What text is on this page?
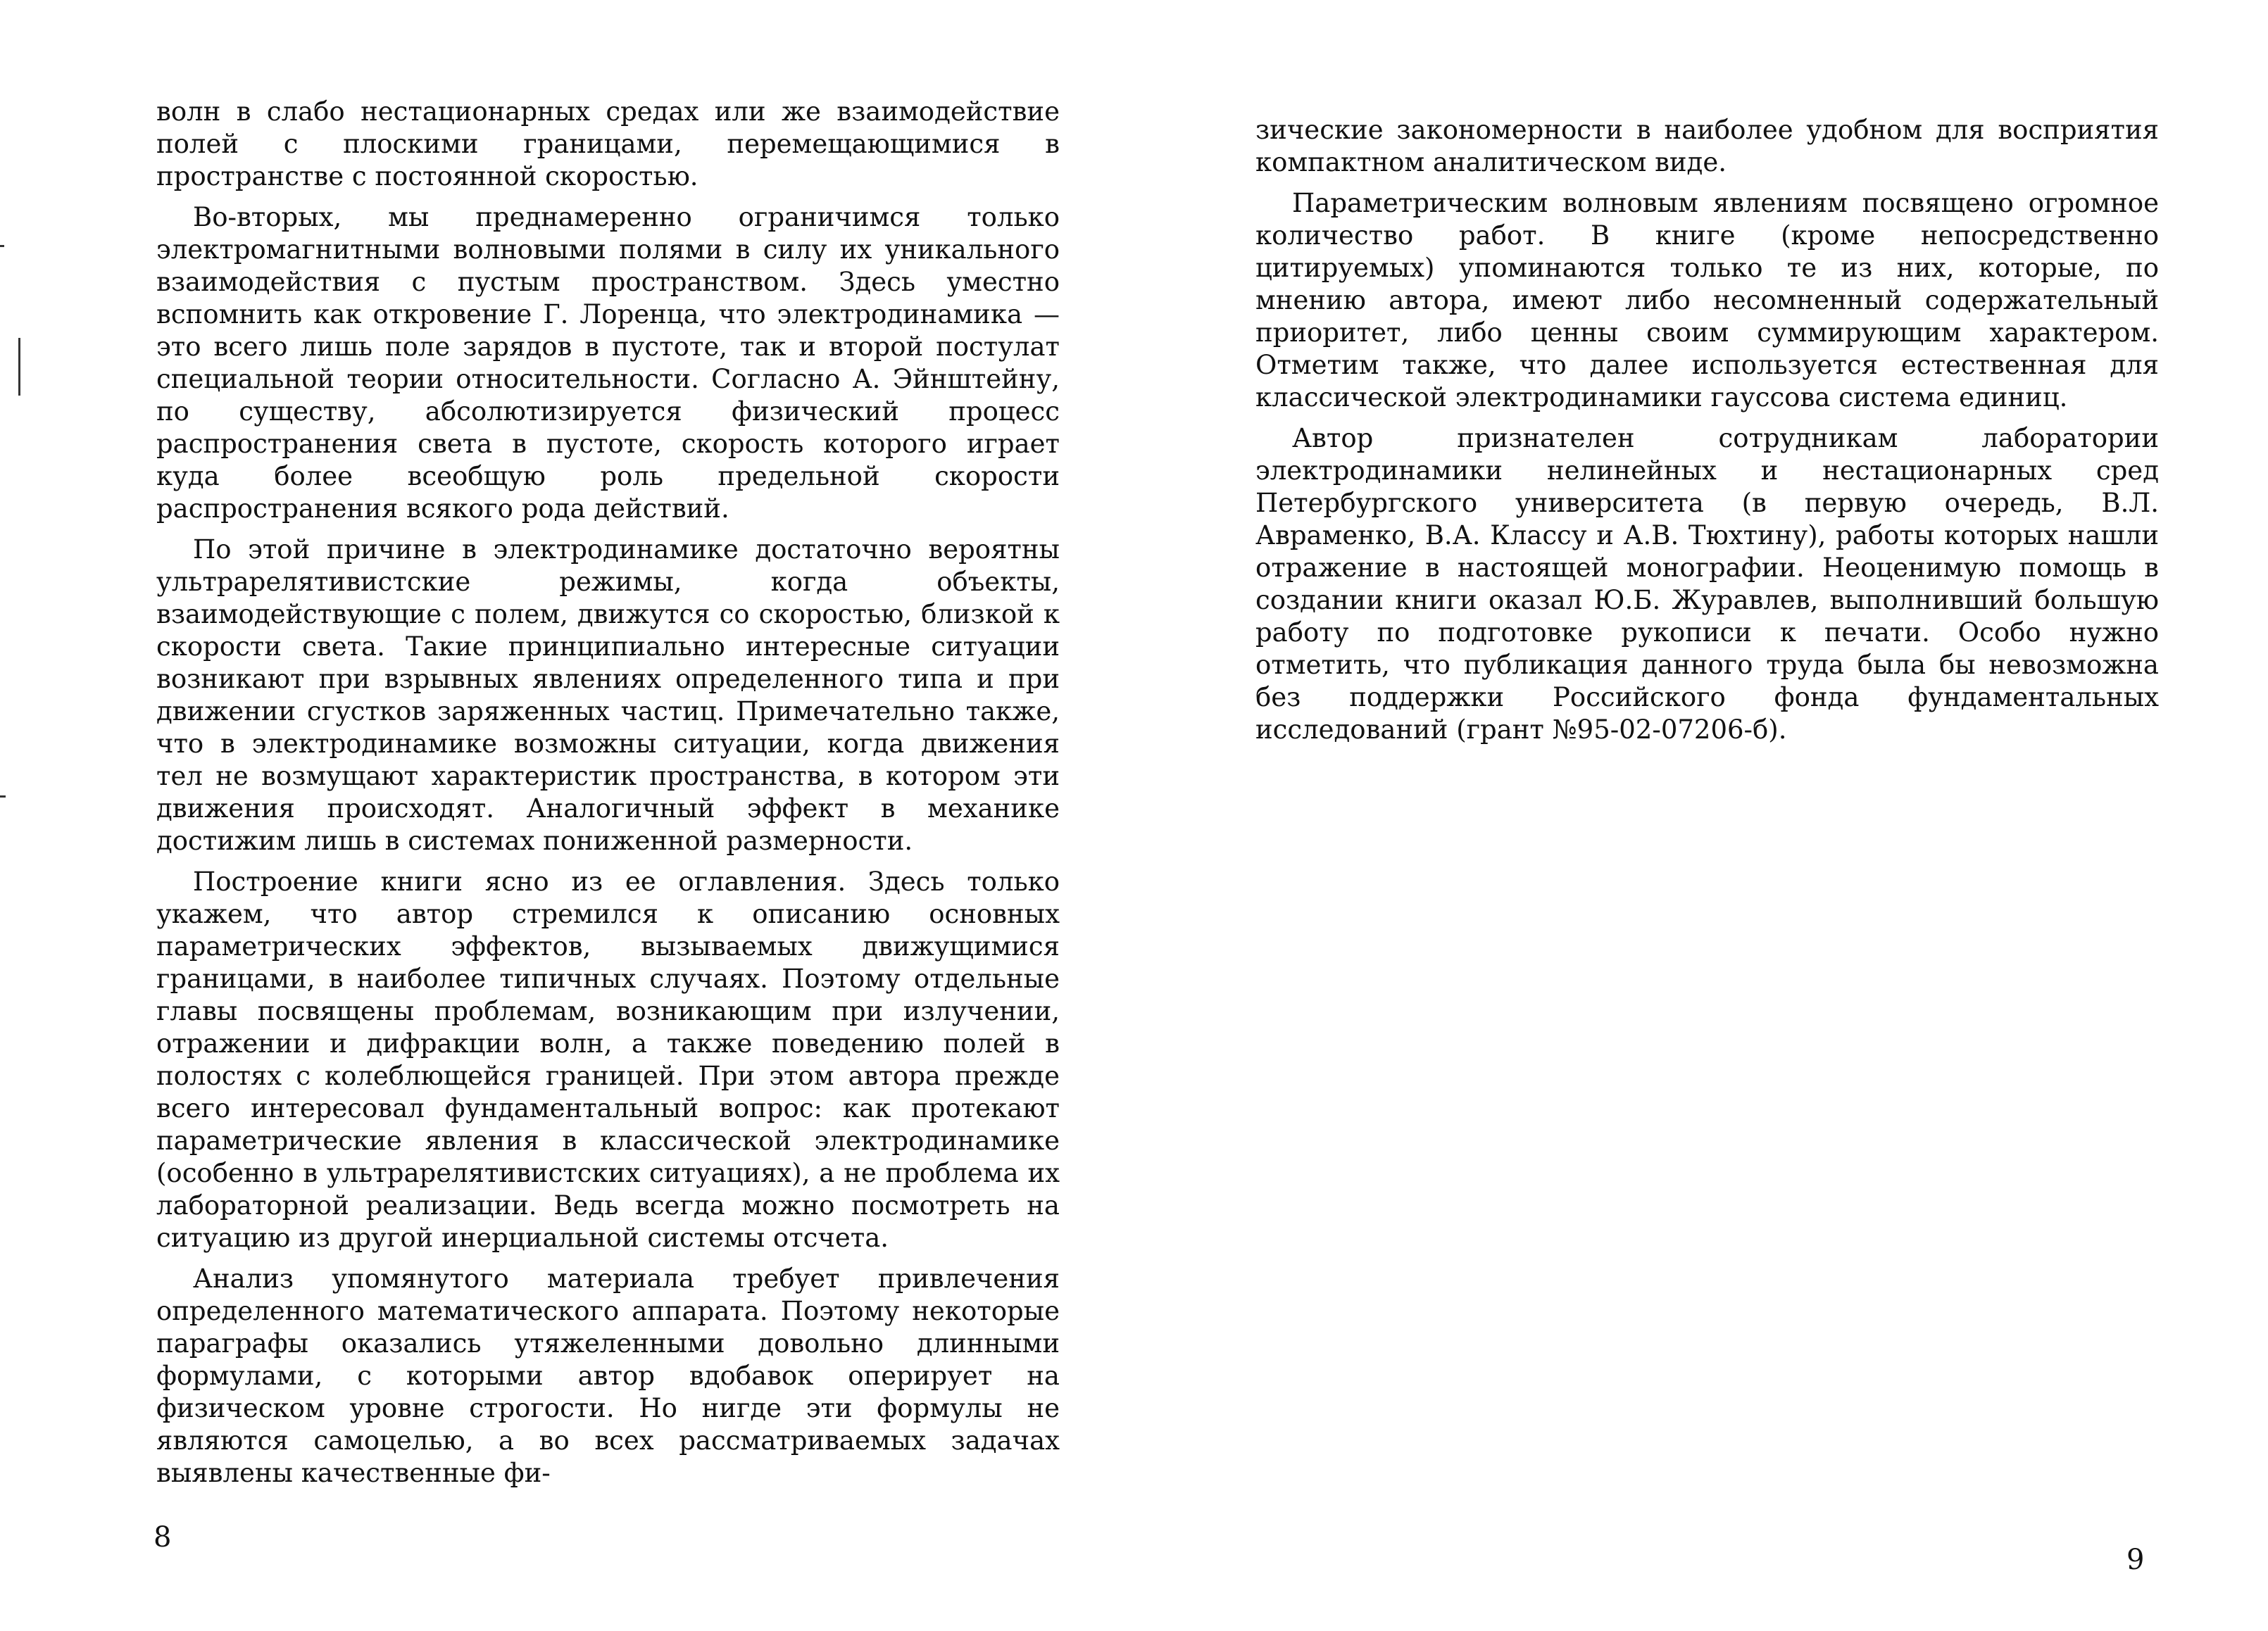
волн в слабо нестационарных средах или же взаимодействие полей с плоскими границами, перемещающимися в пространстве с постоянной скоростью.

Во-вторых, мы преднамеренно ограничимся только электромагнитными волновыми полями в силу их уникального взаимодействия с пустым пространством. Здесь уместно вспомнить как откровение Г. Лоренца, что электродинамика — это всего лишь поле зарядов в пустоте, так и второй постулат специальной теории относительности. Согласно А. Эйнштейну, по существу, абсолютизируется физический процесс распространения света в пустоте, скорость которого играет куда более всеобщую роль предельной скорости распространения всякого рода действий.

По этой причине в электродинамике достаточно вероятны ультрарелятивистские режимы, когда объекты, взаимодействующие с полем, движутся со скоростью, близкой к скорости света. Такие принципиально интересные ситуации возникают при взрывных явлениях определенного типа и при движении сгустков заряженных частиц. Примечательно также, что в электродинамике возможны ситуации, когда движения тел не возмущают характеристик пространства, в котором эти движения происходят. Аналогичный эффект в механике достижим лишь в системах пониженной размерности.

Построение книги ясно из ее оглавления. Здесь только укажем, что автор стремился к описанию основных параметрических эффектов, вызываемых движущимися границами, в наиболее типичных случаях. Поэтому отдельные главы посвящены проблемам, возникающим при излучении, отражении и дифракции волн, а также поведению полей в полостях с колеблющейся границей. При этом автора прежде всего интересовал фундаментальный вопрос: как протекают параметрические явления в классической электродинамике (особенно в ультрарелятивистских ситуациях), а не проблема их лабораторной реализации. Ведь всегда можно посмотреть на ситуацию из другой инерциальной системы отсчета.

Анализ упомянутого материала требует привлечения определенного математического аппарата. Поэтому некоторые параграфы оказались утяжеленными довольно длинными формулами, с которыми автор вдобавок оперирует на физическом уровне строгости. Но нигде эти формулы не являются самоцелью, а во всех рассматриваемых задачах выявлены качественные фи-

8

зические закономерности в наиболее удобном для восприятия компактном аналитическом виде.

Параметрическим волновым явлениям посвящено огромное количество работ. В книге (кроме непосредственно цитируемых) упоминаются только те из них, которые, по мнению автора, имеют либо несомненный содержательный приоритет, либо ценны своим суммирующим характером. Отметим также, что далее используется естественная для классической электродинамики гауссова система единиц.

Автор признателен сотрудникам лаборатории электродинамики нелинейных и нестационарных сред Петербургского университета (в первую очередь, В.Л. Авраменко, В.А. Классу и А.В. Тюхтину), работы которых нашли отражение в настоящей монографии. Неоценимую помощь в создании книги оказал Ю.Б. Журавлев, выполнивший большую работу по подготовке рукописи к печати. Особо нужно отметить, что публикация данного труда была бы невозможна без поддержки Российского фонда фундаментальных исследований (грант №95-02-07206-б).

9
